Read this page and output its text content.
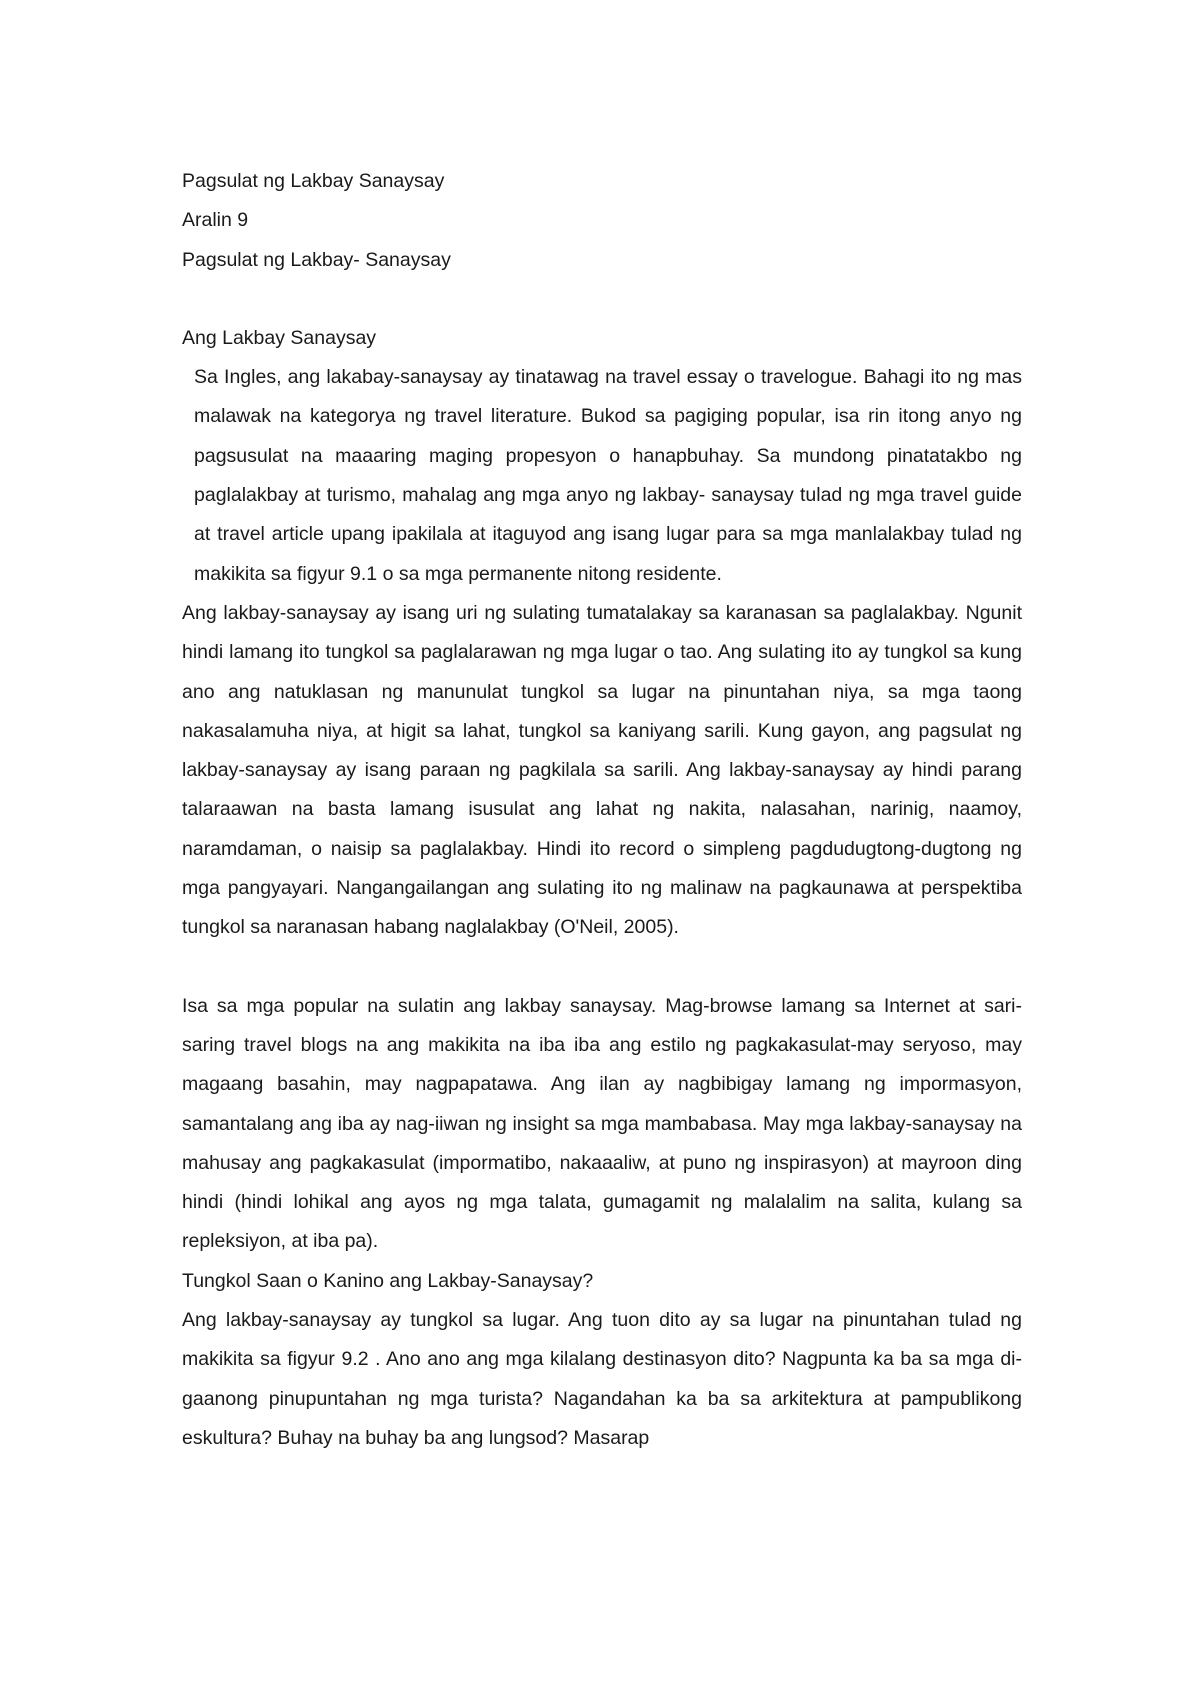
Pagsulat ng Lakbay Sanaysay
Aralin 9
Pagsulat ng Lakbay- Sanaysay
Ang Lakbay Sanaysay
Sa Ingles, ang lakabay-sanaysay ay tinatawag na travel essay o travelogue. Bahagi ito ng mas malawak na kategorya ng travel literature. Bukod sa pagiging popular, isa rin itong anyo ng pagsusulat na maaaring maging propesyon o hanapbuhay. Sa mundong pinatatakbo ng paglalakbay at turismo, mahalag ang mga anyo ng lakbay- sanaysay tulad ng mga travel guide at travel article upang ipakilala at itaguyod ang isang lugar para sa mga manlalakbay tulad ng makikita sa figyur 9.1 o sa mga permanente nitong residente.
Ang lakbay-sanaysay ay isang uri ng sulating tumatalakay sa karanasan sa paglalakbay. Ngunit hindi lamang ito tungkol sa paglalarawan ng mga lugar o tao. Ang sulating ito ay tungkol sa kung ano ang natuklasan ng manunulat tungkol sa lugar na pinuntahan niya, sa mga taong nakasalamuha niya, at higit sa lahat, tungkol sa kaniyang sarili. Kung gayon, ang pagsulat ng lakbay-sanaysay ay isang paraan ng pagkilala sa sarili. Ang lakbay-sanaysay ay hindi parang talaraawan na basta lamang isusulat ang lahat ng nakita, nalasahan, narinig, naamoy, naramdaman, o naisip sa paglalakbay. Hindi ito record o simpleng pagdudugtong-dugtong ng mga pangyayari. Nangangailangan ang sulating ito ng malinaw na pagkaunawa at perspektiba tungkol sa naranasan habang naglalakbay (O'Neil, 2005).
Isa sa mga popular na sulatin ang lakbay sanaysay. Mag-browse lamang sa Internet at sari-saring travel blogs na ang makikita na iba iba ang estilo ng pagkakasulat-may seryoso, may magaang basahin, may nagpapatawa. Ang ilan ay nagbibigay lamang ng impormasyon, samantalang ang iba ay nag-iiwan ng insight sa mga mambabasa. May mga lakbay-sanaysay na mahusay ang pagkakasulat (impormatibo, nakaaaliw, at puno ng inspirasyon) at mayroon ding hindi (hindi lohikal ang ayos ng mga talata, gumagamit ng malalalim na salita, kulang sa repleksiyon, at iba pa).
Tungkol Saan o Kanino ang Lakbay-Sanaysay?
Ang lakbay-sanaysay ay tungkol sa lugar. Ang tuon dito ay sa lugar na pinuntahan tulad ng makikita sa figyur 9.2 . Ano ano ang mga kilalang destinasyon dito? Nagpunta ka ba sa mga di-gaanong pinupuntahan ng mga turista? Nagandahan ka ba sa arkitektura at pampublikong eskultura? Buhay na buhay ba ang lungsod? Masarap
